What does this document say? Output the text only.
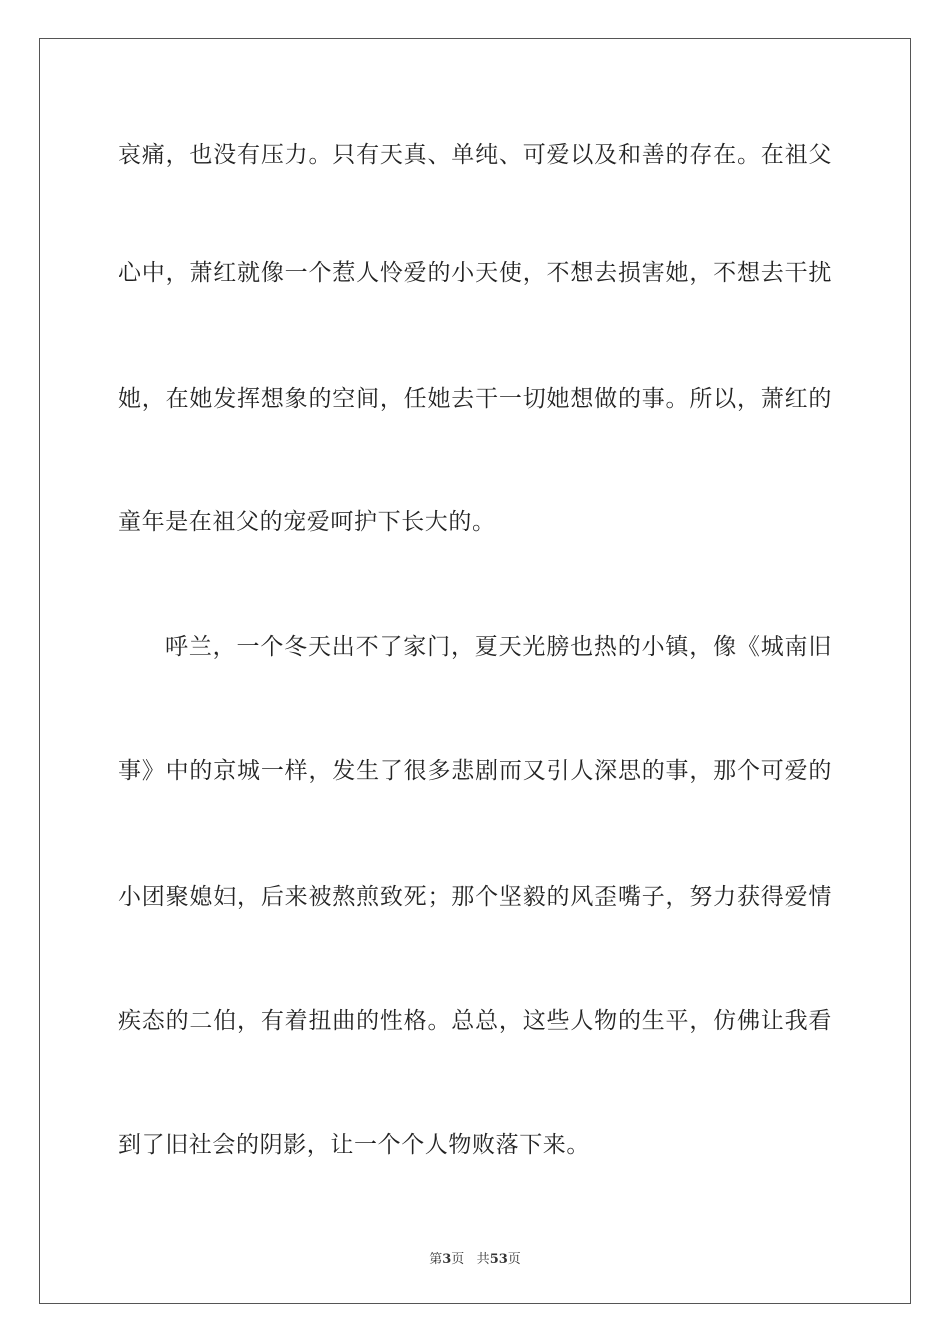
哀痛，也没有压力。只有天真、单纯、可爱以及和善的存在。在祖父
心中，萧红就像一个惹人怜爱的小天使，不想去损害她，不想去干扰
她，在她发挥想象的空间，任她去干一切她想做的事。所以，萧红的
童年是在祖父的宠爱呵护下长大的。
呼兰，一个冬天出不了家门，夏天光膀也热的小镇，像《城南旧
事》中的京城一样，发生了很多悲剧而又引人深思的事，那个可爱的
小团聚媳妇，后来被熬煎致死；那个坚毅的风歪嘴子，努力获得爱情
疾态的二伯，有着扭曲的性格。总总，这些人物的生平，仿佛让我看
到了旧社会的阴影，让一个个人物败落下来。
第3页 共53页
